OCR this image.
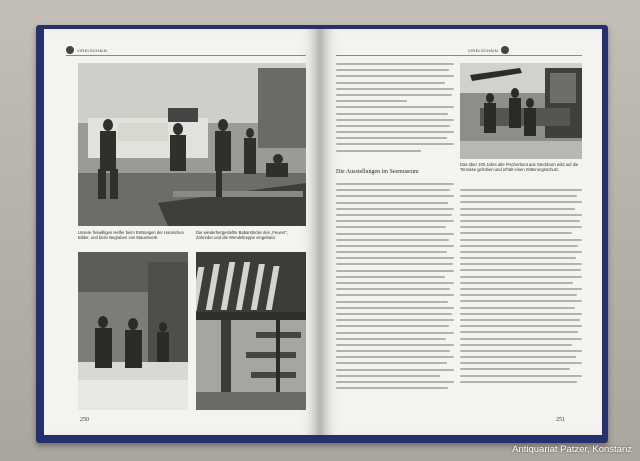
VIRELSCHAIN
Unsere freiwilligen Helfer beim Entsteigen der Hanischen Bilder, und beim Begraben von Mauerwerk.
Die wiederhergestellte Babarstücke des „Feuers“, Zahnrder und die Wendeltreppe eingebaut.
250
VIRELSCHAIN
Die Ausstellungen im Seemuseum
Das über 100 Jahre alte Fischerboot aus Steckborn wird auf die Terrasse gehoben und erhält einen Witterungsschutz.
251
Antiquariat Patzer, Konstanz
